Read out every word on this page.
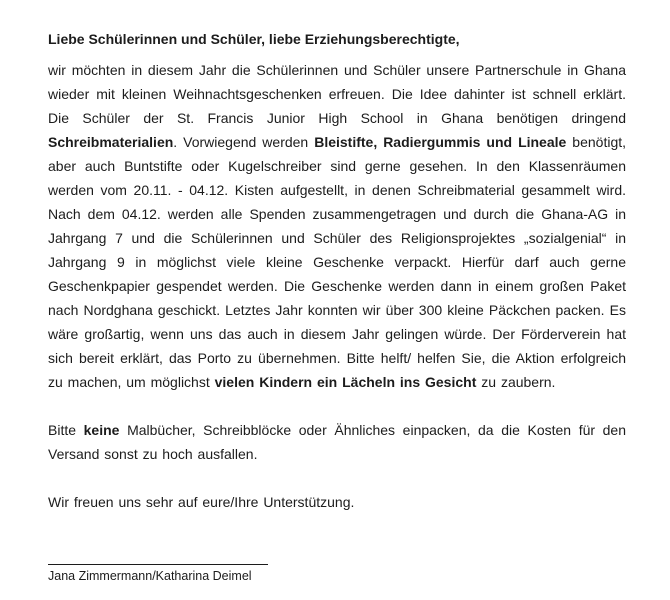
Liebe Schülerinnen und Schüler, liebe Erziehungsberechtigte,

wir möchten in diesem Jahr die Schülerinnen und Schüler unsere Partnerschule in Ghana wieder mit kleinen Weihnachtsgeschenken erfreuen. Die Idee dahinter ist schnell erklärt. Die Schüler der St. Francis Junior High School in Ghana benötigen dringend Schreibmaterialien. Vorwiegend werden Bleistifte, Radiergummis und Lineale benötigt, aber auch Buntstifte oder Kugelschreiber sind gerne gesehen. In den Klassenräumen werden vom 20.11. - 04.12. Kisten aufgestellt, in denen Schreibmaterial gesammelt wird. Nach dem 04.12. werden alle Spenden zusammengetragen und durch die Ghana-AG in Jahrgang 7 und die Schülerinnen und Schüler des Religionsprojektes „sozialgenial“ in Jahrgang 9 in möglichst viele kleine Geschenke verpackt. Hierfür darf auch gerne Geschenkpapier gespendet werden. Die Geschenke werden dann in einem großen Paket nach Nordghana geschickt. Letztes Jahr konnten wir über 300 kleine Päckchen packen. Es wäre großartig, wenn uns das auch in diesem Jahr gelingen würde. Der Förderverein hat sich bereit erklärt, das Porto zu übernehmen. Bitte helft/ helfen Sie, die Aktion erfolgreich zu machen, um möglichst vielen Kindern ein Lächeln ins Gesicht zu zaubern.

Bitte keine Malbücher, Schreibblöcke oder Ähnliches einpacken, da die Kosten für den Versand sonst zu hoch ausfallen.

Wir freuen uns sehr auf eure/Ihre Unterstützung.

Jana Zimmermann/Katharina Deimel
